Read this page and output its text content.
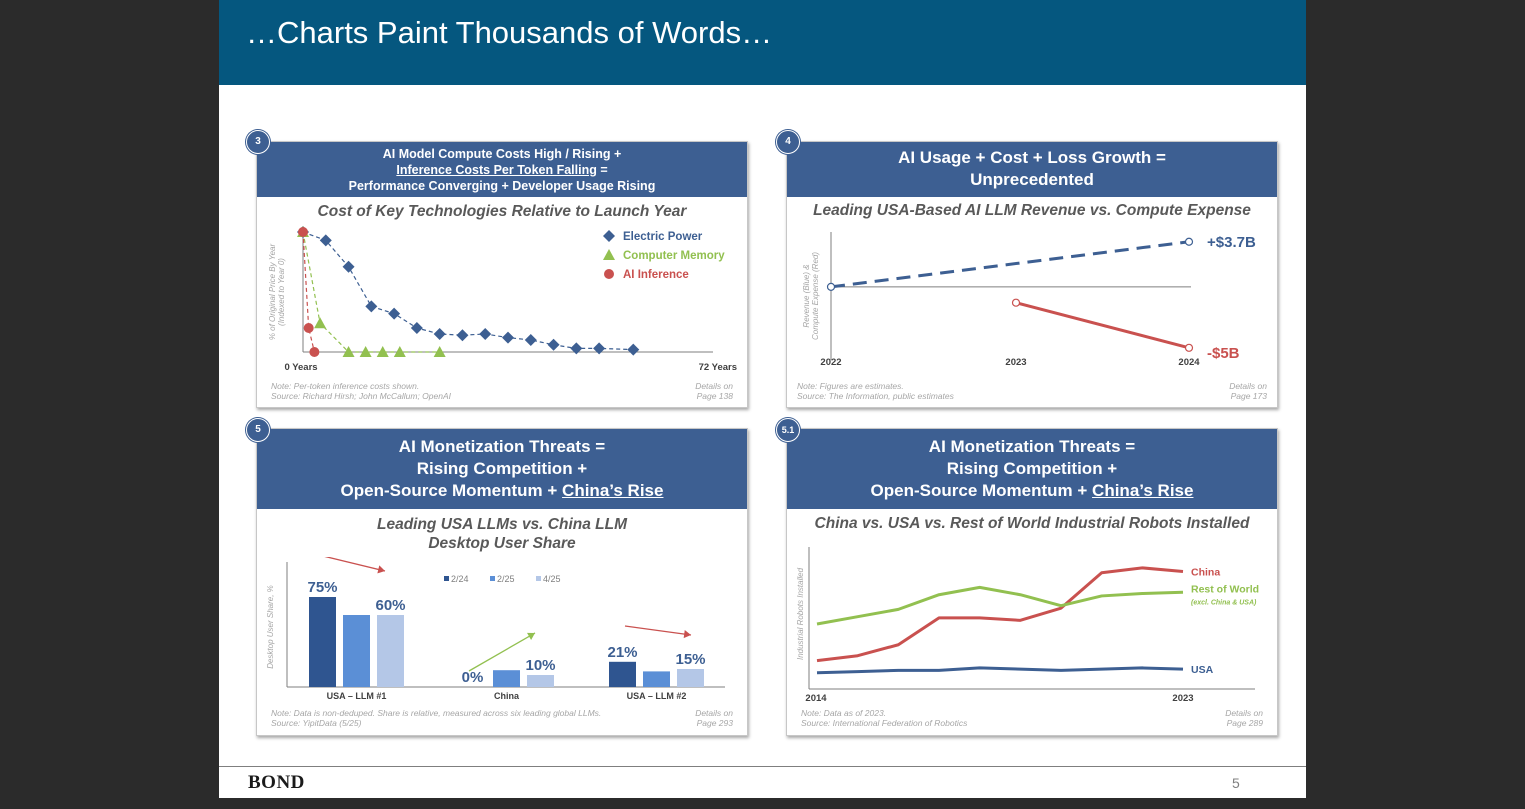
…Charts Paint Thousands of Words…
AI Model Compute Costs High / Rising +
Inference Costs Per Token Falling =
Performance Converging + Developer Usage Rising
Cost of Key Technologies Relative to Launch Year
% of Original Price By Year(Indexed to Year 0)
0 Years	72 Years
Electric Power
Computer Memory
AI Inference
Note: Per-token inference costs shown.
Source: Richard Hirsh; John McCallum; OpenAI
Details on
Page 138
3
AI Usage + Cost + Loss Growth =
Unprecedented
Leading USA-Based AI LLM Revenue vs. Compute Expense
Revenue (Blue) &Compute Expense (Red)
2022	2023	2024
+$3.7B
-$5B
Note: Figures are estimates.
Source: The Information, public estimates
Details on
Page 173
4
AI Monetization Threats =
Rising Competition +
Open-Source Momentum + China’s Rise
Leading USA LLMs vs. China LLM
Desktop User Share
Desktop User Share, % 75%
60%
USA – LLM #1
0%
10%
China
21%	15%
USA – LLM #2
2/24	2/25	4/25
Note: Data is non-deduped. Share is relative, measured across six leading global LLMs.
Source: YipitData (5/25)
Details on
Page 293
5
AI Monetization Threats =
Rising Competition +
Open-Source Momentum + China’s Rise
China vs. USA vs. Rest of World Industrial Robots Installed
Industrial Robots Installed
2014	2023
China
Rest of World
(excl. China & USA)
USA
Note: Data as of 2023.
Source: International Federation of Robotics
Details on
Page 289
5.1
BOND	5
